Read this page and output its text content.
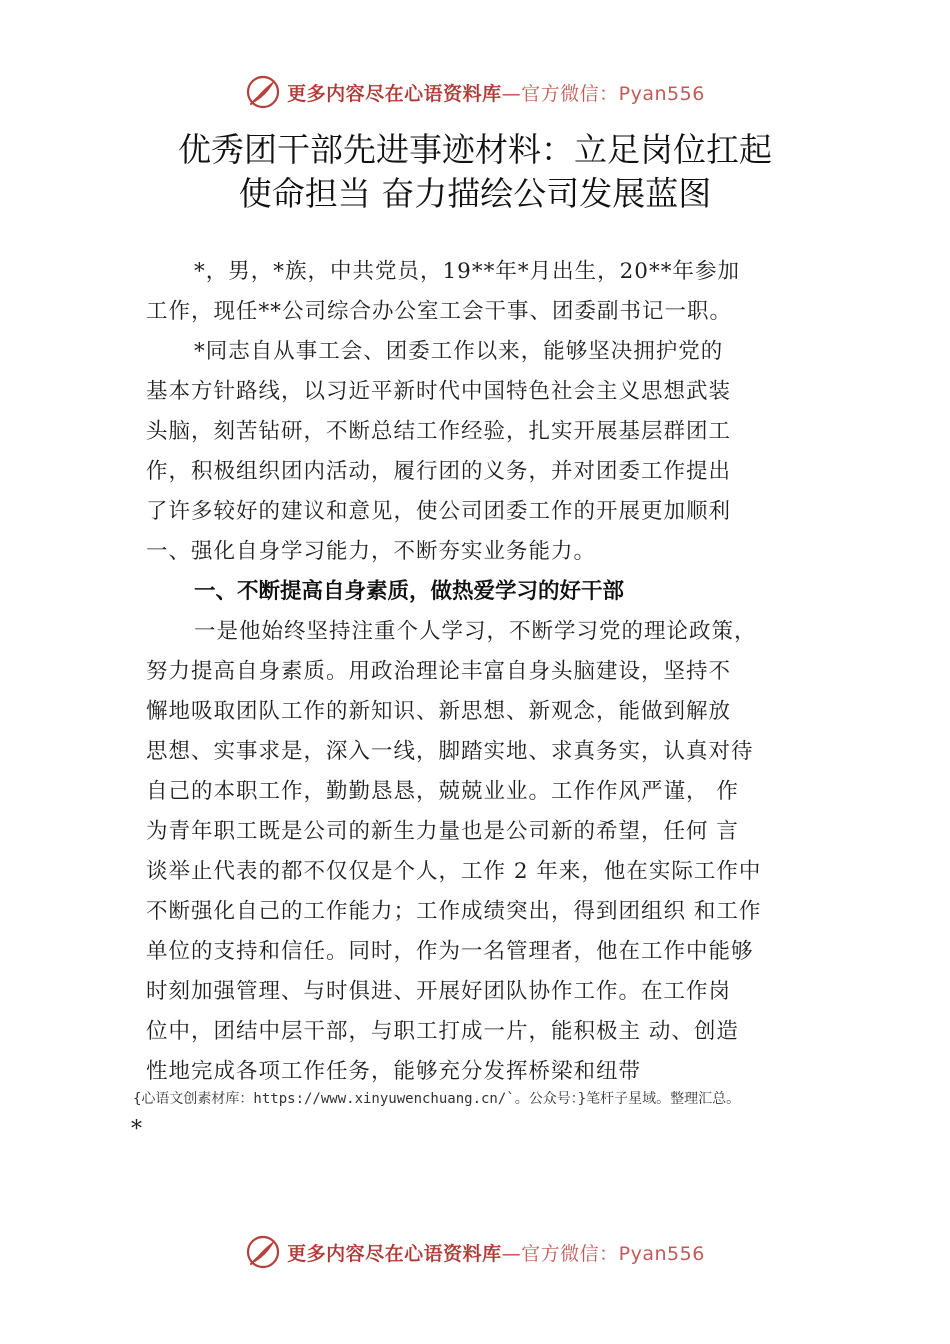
更多内容尽在心语资料库—官方微信：Pyan556
优秀团干部先进事迹材料：立足岗位扛起
使命担当 奋力描绘公司发展蓝图
*，男，*族，中共党员，19**年*月出生，20**年参加
工作，现任**公司综合办公室工会干事、团委副书记一职。
*同志自从事工会、团委工作以来，能够坚决拥护党的
基本方针路线，以习近平新时代中国特色社会主义思想武装
头脑，刻苦钻研，不断总结工作经验，扎实开展基层群团工
作，积极组织团内活动，履行团的义务，并对团委工作提出
了许多较好的建议和意见，使公司团委工作的开展更加顺利
一、强化自身学习能力，不断夯实业务能力。
一、不断提高自身素质，做热爱学习的好干部
一是他始终坚持注重个人学习，不断学习党的理论政策，
努力提高自身素质。用政治理论丰富自身头脑建设，坚持不
懈地吸取团队工作的新知识、新思想、新观念，能做到解放
思想、实事求是，深入一线，脚踏实地、求真务实，认真对待
自己的本职工作，勤勤恳恳，兢兢业业。工作作风严谨， 作
为青年职工既是公司的新生力量也是公司新的希望，任何 言
谈举止代表的都不仅仅是个人，工作 2 年来，他在实际工作中
不断强化自己的工作能力；工作成绩突出，得到团组织 和工作
单位的支持和信任。同时，作为一名管理者，他在工作中能够
时刻加强管理、与时俱进、开展好团队协作工作。在工作岗
位中，团结中层干部，与职工打成一片，能积极主 动、创造
性地完成各项工作任务，能够充分发挥桥梁和纽带
{心语文创素材库：https://www.xinyuwenchuang.cn/`。公众号：}笔杆子星域。整理汇总。
*
更多内容尽在心语资料库—官方微信：Pyan556
